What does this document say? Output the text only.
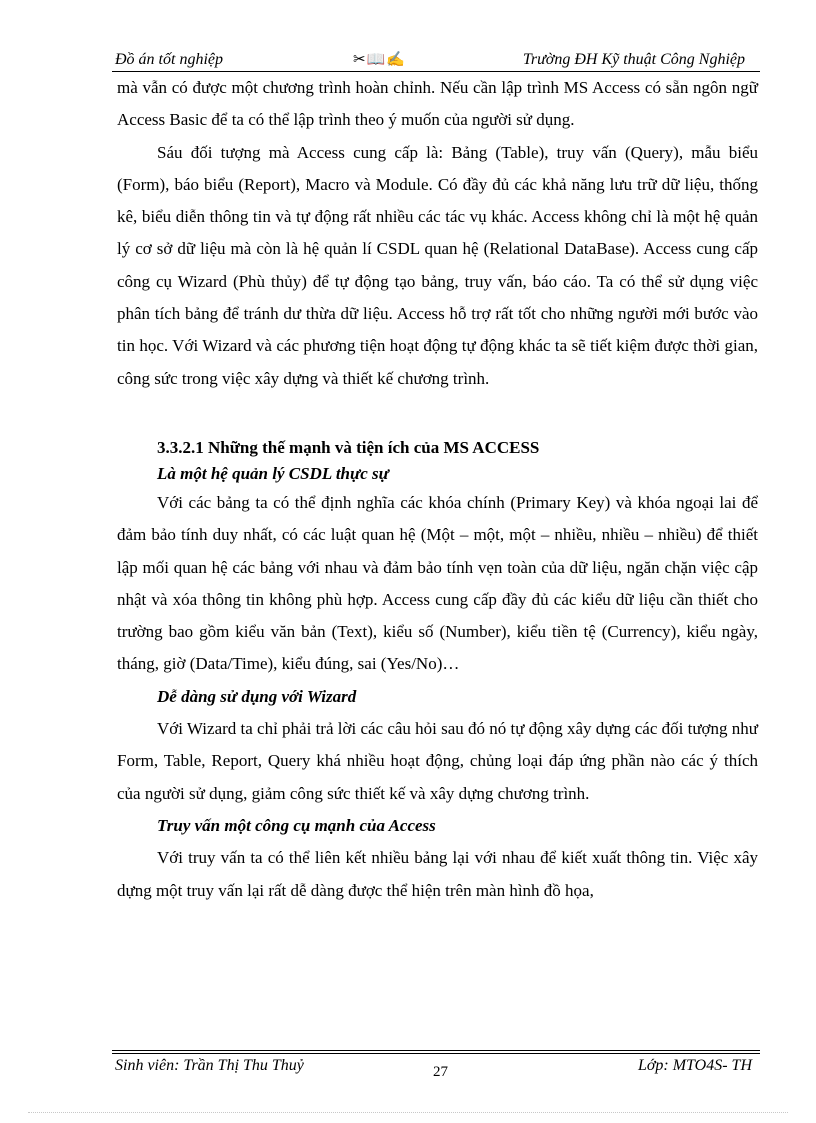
Đồ án tốt nghiệp	✂📖✍	Trường ĐH Kỹ thuật Công Nghiệp

mà vẫn có được một chương trình hoàn chỉnh. Nếu cần lập trình MS Access có sẵn ngôn ngữ Access Basic để ta có thể lập trình theo ý muốn của người sử dụng.

Sáu đối tượng mà Access cung cấp là: Bảng (Table), truy vấn (Query), mẫu biểu (Form), báo biểu (Report), Macro và Module. Có đầy đủ các khả năng lưu trữ dữ liệu, thống kê, biểu diễn thông tin và tự động rất nhiều các tác vụ khác. Access không chỉ là một hệ quản lý cơ sở dữ liệu mà còn là hệ quản lí CSDL quan hệ (Relational DataBase). Access cung cấp công cụ Wizard (Phù thủy) để tự động tạo bảng, truy vấn, báo cáo. Ta có thể sử dụng việc phân tích bảng để tránh dư thừa dữ liệu. Access hỗ trợ rất tốt cho những người mới bước vào tin học. Với Wizard và các phương tiện hoạt động tự động khác ta sẽ tiết kiệm được thời gian, công sức trong việc xây dựng và thiết kế chương trình.

3.3.2.1 Những thế mạnh và tiện ích của MS ACCESS

Là một hệ quản lý CSDL thực sự

Với các bảng ta có thể định nghĩa các khóa chính (Primary Key) và khóa ngoại lai để đảm bảo tính duy nhất, có các luật quan hệ (Một – một, một – nhiều, nhiều – nhiều) để thiết lập mối quan hệ các bảng với nhau và đảm bảo tính vẹn toàn của dữ liệu, ngăn chặn việc cập nhật và xóa thông tin không phù hợp. Access cung cấp đầy đủ các kiểu dữ liệu cần thiết cho trường bao gồm kiểu văn bản (Text), kiểu số (Number), kiểu tiền tệ (Currency), kiểu ngày, tháng, giờ (Data/Time), kiểu đúng, sai (Yes/No)…

Dễ dàng sử dụng với Wizard

Với Wizard ta chỉ phải trả lời các câu hỏi sau đó nó tự động xây dựng các đối tượng như Form, Table, Report, Query khá nhiều hoạt động, chủng loại đáp ứng phần nào các ý thích của người sử dụng, giảm công sức thiết kế và xây dựng chương trình.

Truy vấn một công cụ mạnh của Access

Với truy vấn ta có thể liên kết nhiều bảng lại với nhau để kiết xuất thông tin. Việc xây dựng một truy vấn lại rất dễ dàng được thể hiện trên màn hình đồ họa,

Sinh viên: Trần Thị Thu Thuỷ	27	Lớp: MTO4S- TH
